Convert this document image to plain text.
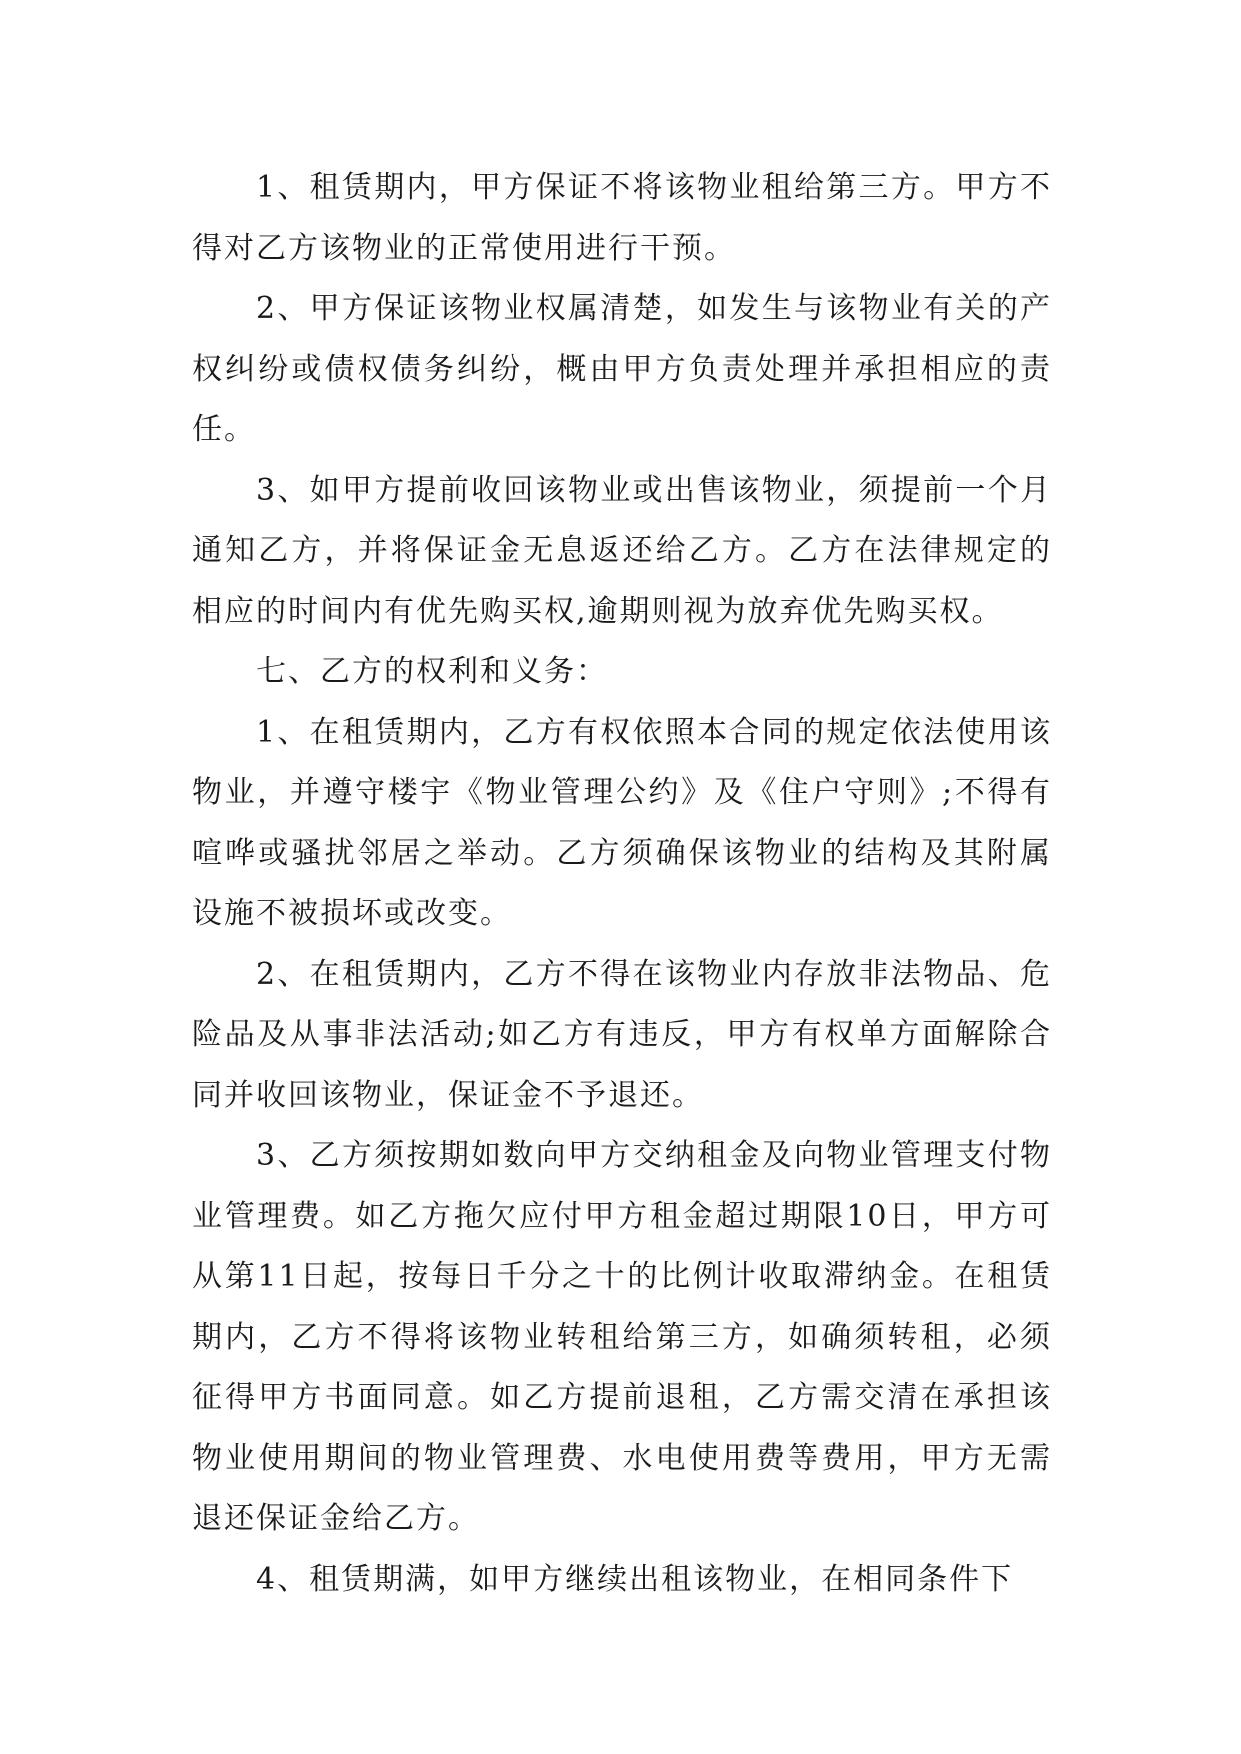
1、租赁期内，甲方保证不将该物业租给第三方。甲方不得对乙方该物业的正常使用进行干预。

2、甲方保证该物业权属清楚，如发生与该物业有关的产权纠纷或债权债务纠纷，概由甲方负责处理并承担相应的责任。

3、如甲方提前收回该物业或出售该物业，须提前一个月通知乙方，并将保证金无息返还给乙方。乙方在法律规定的相应的时间内有优先购买权,逾期则视为放弃优先购买权。

七、乙方的权利和义务：

1、在租赁期内，乙方有权依照本合同的规定依法使用该物业，并遵守楼宇《物业管理公约》及《住户守则》;不得有喧哗或骚扰邻居之举动。乙方须确保该物业的结构及其附属设施不被损坏或改变。

2、在租赁期内，乙方不得在该物业内存放非法物品、危险品及从事非法活动;如乙方有违反，甲方有权单方面解除合同并收回该物业，保证金不予退还。

3、乙方须按期如数向甲方交纳租金及向物业管理支付物业管理费。如乙方拖欠应付甲方租金超过期限10日，甲方可从第11日起，按每日千分之十的比例计收取滞纳金。在租赁期内，乙方不得将该物业转租给第三方，如确须转租，必须征得甲方书面同意。如乙方提前退租，乙方需交清在承担该物业使用期间的物业管理费、水电使用费等费用，甲方无需退还保证金给乙方。

4、租赁期满，如甲方继续出租该物业，在相同条件下
